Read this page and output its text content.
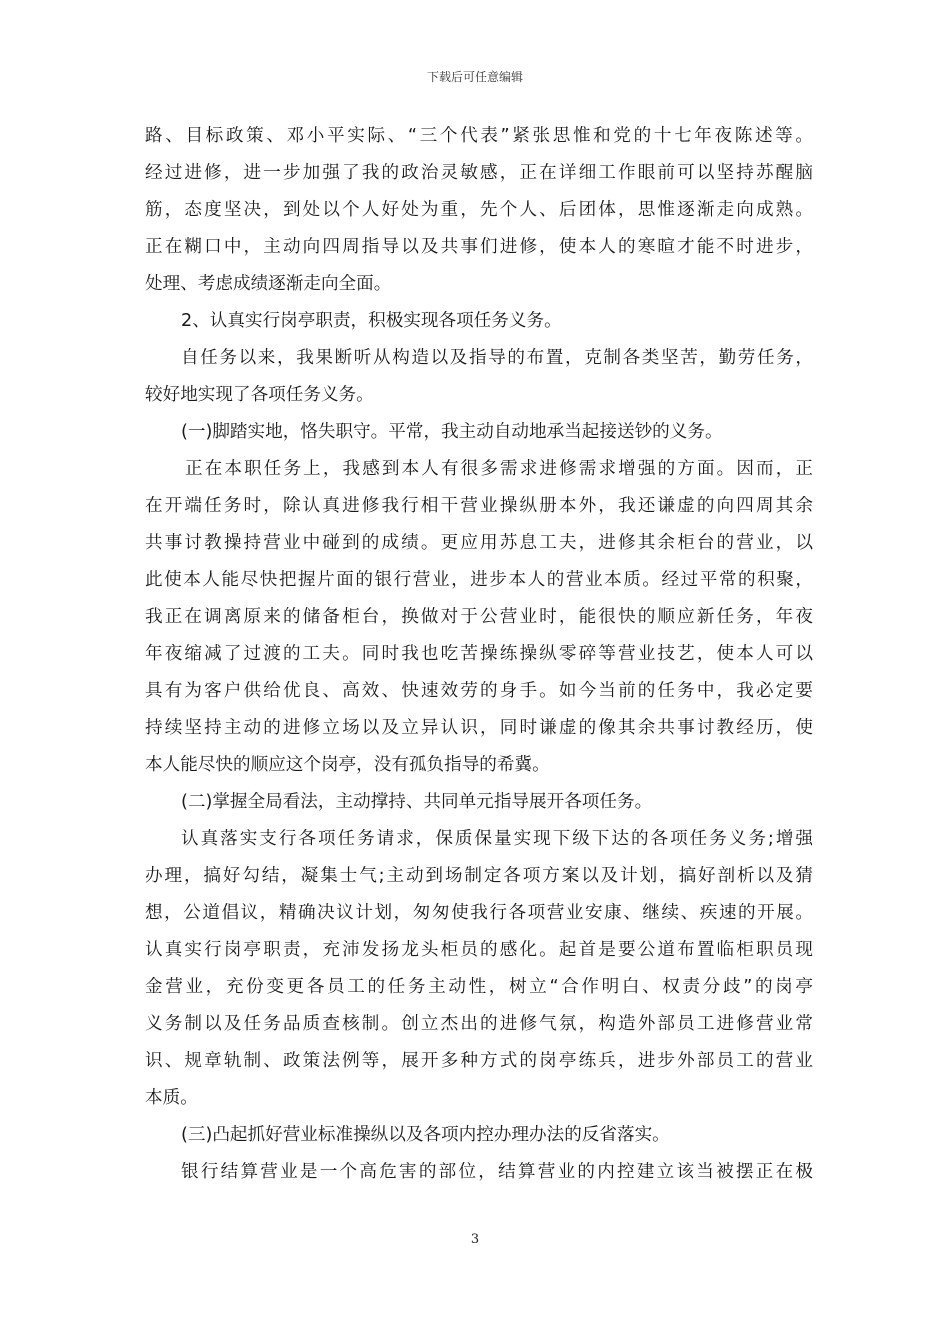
下载后可任意编辑
路、目标政策、邓小平实际、“三个代表”紧张思惟和党的十七年夜陈述等。
经过进修，进一步加强了我的政治灵敏感，正在详细工作眼前可以坚持苏醒脑
筋，态度坚决，到处以个人好处为重，先个人、后团体，思惟逐渐走向成熟。
正在糊口中，主动向四周指导以及共事们进修，使本人的寒暄才能不时进步，
处理、考虑成绩逐渐走向全面。
2、认真实行岗亭职责，积极实现各项任务义务。
自任务以来，我果断听从构造以及指导的布置，克制各类坚苦，勤劳任务，
较好地实现了各项任务义务。
(一)脚踏实地，恪失职守。平常，我主动自动地承当起接送钞的义务。
正在本职任务上，我感到本人有很多需求进修需求增强的方面。因而，正
在开端任务时，除认真进修我行相干营业操纵册本外，我还谦虚的向四周其余
共事讨教操持营业中碰到的成绩。更应用苏息工夫，进修其余柜台的营业，以
此使本人能尽快把握片面的银行营业，进步本人的营业本质。经过平常的积聚，
我正在调离原来的储备柜台，换做对于公营业时，能很快的顺应新任务，年夜
年夜缩减了过渡的工夫。同时我也吃苦操练操纵零碎等营业技艺，使本人可以
具有为客户供给优良、高效、快速效劳的身手。如今当前的任务中，我必定要
持续坚持主动的进修立场以及立异认识，同时谦虚的像其余共事讨教经历，使
本人能尽快的顺应这个岗亭，没有孤负指导的希冀。
(二)掌握全局看法，主动撑持、共同单元指导展开各项任务。
认真落实支行各项任务请求，保质保量实现下级下达的各项任务义务;增强
办理，搞好勾结，凝集士气;主动到场制定各项方案以及计划，搞好剖析以及猜
想，公道倡议，精确决议计划，匆匆使我行各项营业安康、继续、疾速的开展。
认真实行岗亭职责，充沛发扬龙头柜员的感化。起首是要公道布置临柜职员现
金营业，充份变更各员工的任务主动性，树立“合作明白、权责分歧”的岗亭
义务制以及任务品质查核制。创立杰出的进修气氛，构造外部员工进修营业常
识、规章轨制、政策法例等，展开多种方式的岗亭练兵，进步外部员工的营业
本质。
(三)凸起抓好营业标准操纵以及各项内控办理办法的反省落实。
银行结算营业是一个高危害的部位，结算营业的内控建立该当被摆正在极
3
